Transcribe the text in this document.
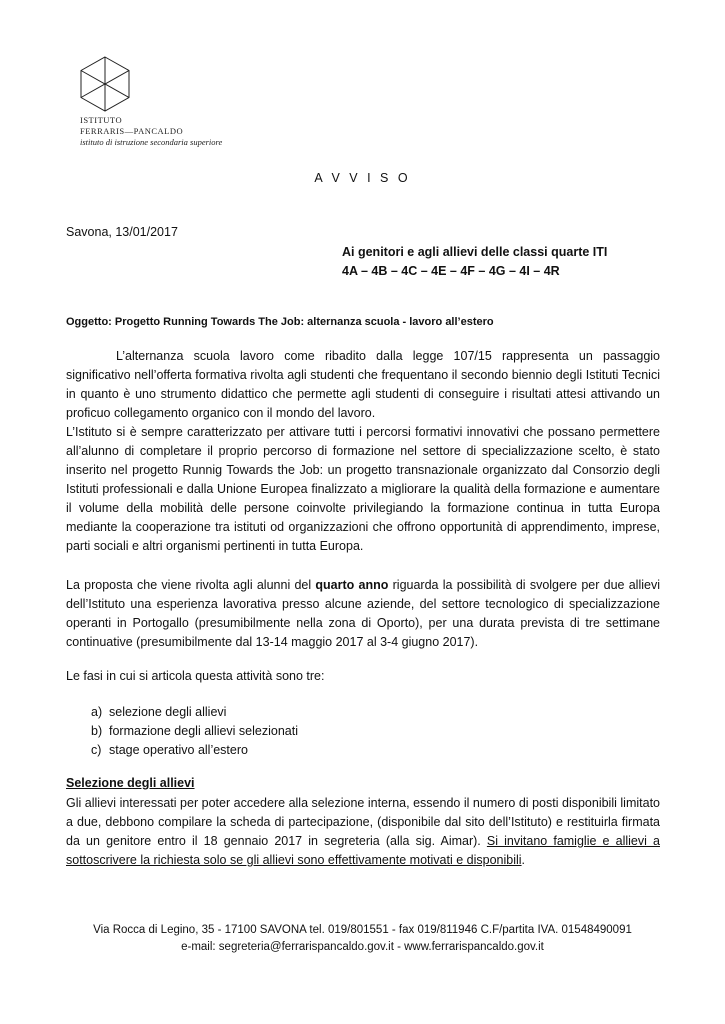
ISTITUTO
FERRARIS—PANCALDO
istituto di istruzione secondaria superiore
A V V I S O
Savona, 13/01/2017
Ai genitori e agli allievi delle classi quarte ITI
4A – 4B – 4C – 4E – 4F – 4G – 4I – 4R
Oggetto: Progetto Running Towards The Job: alternanza scuola - lavoro all’estero
L’alternanza scuola lavoro come ribadito dalla legge 107/15 rappresenta un passaggio significativo nell’offerta formativa rivolta agli studenti che frequentano il secondo biennio degli Istituti Tecnici in quanto è uno strumento didattico che permette agli studenti di conseguire i risultati attesi attivando un proficuo collegamento organico con il mondo del lavoro.
L’Istituto si è sempre caratterizzato per attivare tutti i percorsi formativi innovativi che possano permettere all’alunno di completare il proprio percorso di formazione nel settore di specializzazione scelto, è stato inserito nel progetto Runnig Towards the Job: un progetto transnazionale organizzato dal Consorzio degli Istituti professionali e dalla Unione Europea finalizzato a migliorare la qualità della formazione e aumentare il volume della mobilità delle persone coinvolte privilegiando la formazione continua in tutta Europa mediante la cooperazione tra istituti od organizzazioni che offrono opportunità di apprendimento, imprese, parti sociali e altri organismi pertinenti in tutta Europa.
La proposta che viene rivolta agli alunni del quarto anno riguarda la possibilità di svolgere per due allievi dell’Istituto una esperienza lavorativa presso alcune aziende, del settore tecnologico di specializzazione operanti in Portogallo (presumibilmente nella zona di Oporto), per una durata prevista di tre settimane continuative (presumibilmente dal 13-14 maggio 2017 al 3-4 giugno 2017).
Le fasi in cui si articola questa attività sono tre:
a) selezione degli allievi
b) formazione degli allievi selezionati
c) stage operativo all’estero
Selezione degli allievi
Gli allievi interessati per poter accedere alla selezione interna, essendo il numero di posti disponibili limitato a due, debbono compilare la scheda di partecipazione, (disponibile dal sito dell’Istituto) e restituirla firmata da un genitore entro il 18 gennaio 2017 in segreteria (alla sig. Aimar). Si invitano famiglie e allievi a sottoscrivere la richiesta solo se gli allievi sono effettivamente motivati e disponibili.
Via Rocca di Legino, 35 - 17100 SAVONA tel. 019/801551 - fax 019/811946 C.F/partita IVA. 01548490091
e-mail: segreteria@ferrarispancaldo.gov.it - www.ferrarispancaldo.gov.it
